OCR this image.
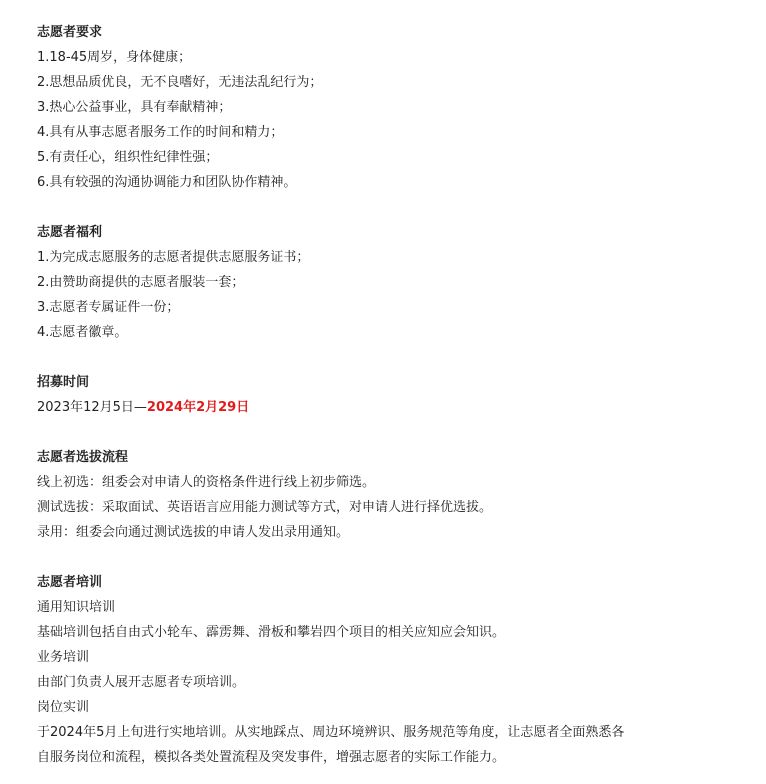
志愿者要求
1.18-45周岁，身体健康；
2.思想品质优良，无不良嗜好，无违法乱纪行为；
3.热心公益事业，具有奉献精神；
4.具有从事志愿者服务工作的时间和精力；
5.有责任心，组织性纪律性强；
6.具有较强的沟通协调能力和团队协作精神。
志愿者福利
1.为完成志愿服务的志愿者提供志愿服务证书；
2.由赞助商提供的志愿者服装一套；
3.志愿者专属证件一份；
4.志愿者徽章。
招募时间
2023年12月5日—2024年2月29日
志愿者选拔流程
线上初选：组委会对申请人的资格条件进行线上初步筛选。
测试选拔：采取面试、英语语言应用能力测试等方式，对申请人进行择优选拔。
录用：组委会向通过测试选拔的申请人发出录用通知。
志愿者培训
通用知识培训
基础培训包括自由式小轮车、霹雳舞、滑板和攀岩四个项目的相关应知应会知识。
业务培训
由部门负责人展开志愿者专项培训。
岗位实训
于2024年5月上旬进行实地培训。从实地踩点、周边环境辨识、服务规范等角度，让志愿者全面熟悉各
自服务岗位和流程，模拟各类处置流程及突发事件，增强志愿者的实际工作能力。
